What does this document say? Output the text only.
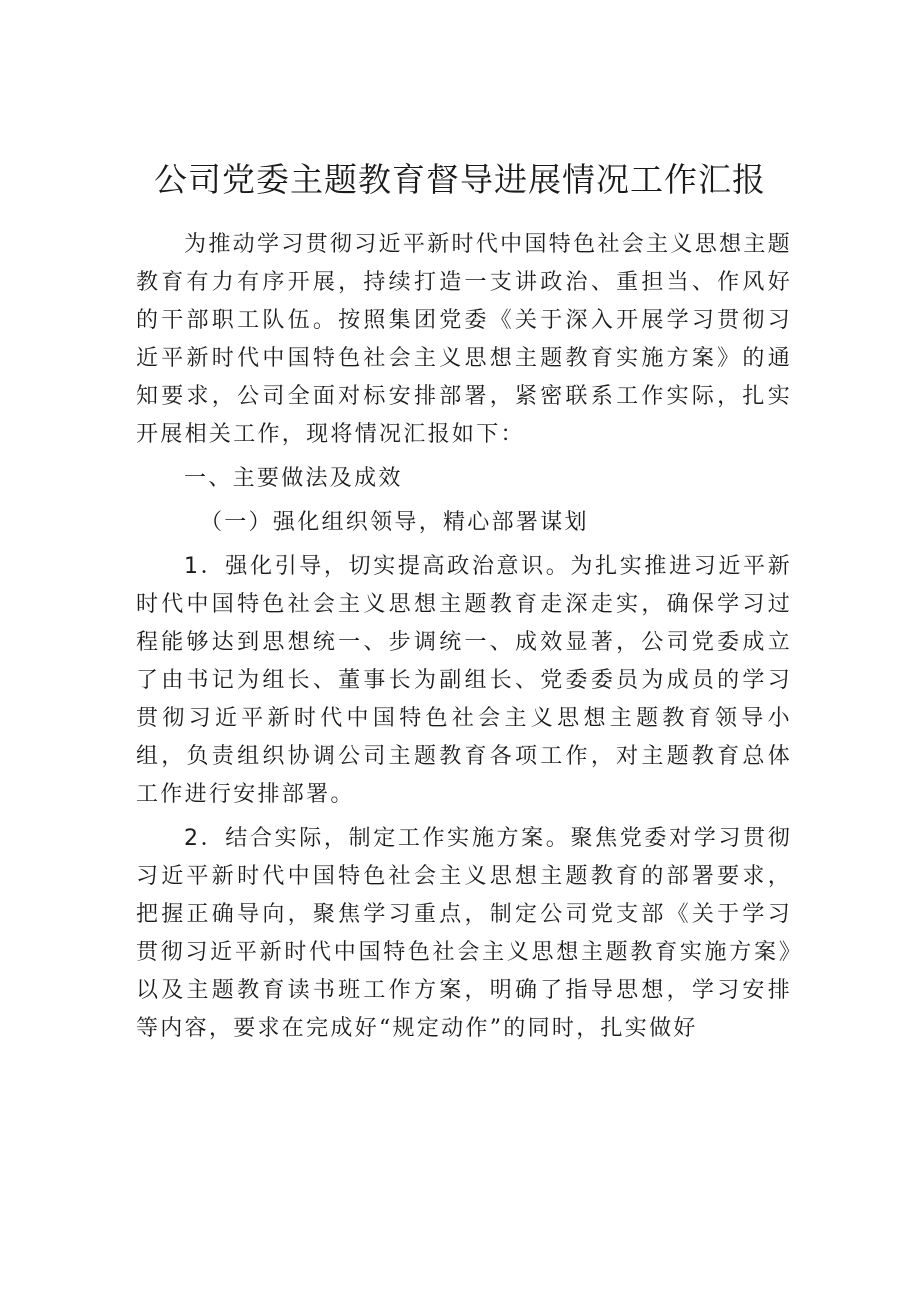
公司党委主题教育督导进展情况工作汇报

为推动学习贯彻习近平新时代中国特色社会主义思想主题教育有力有序开展，持续打造一支讲政治、重担当、作风好的干部职工队伍。按照集团党委《关于深入开展学习贯彻习近平新时代中国特色社会主义思想主题教育实施方案》的通知要求，公司全面对标安排部署，紧密联系工作实际，扎实开展相关工作，现将情况汇报如下：

一、主要做法及成效

（一）强化组织领导，精心部署谋划

1．强化引导，切实提高政治意识。为扎实推进习近平新时代中国特色社会主义思想主题教育走深走实，确保学习过程能够达到思想统一、步调统一、成效显著，公司党委成立了由书记为组长、董事长为副组长、党委委员为成员的学习贯彻习近平新时代中国特色社会主义思想主题教育领导小组，负责组织协调公司主题教育各项工作，对主题教育总体工作进行安排部署。

2．结合实际，制定工作实施方案。聚焦党委对学习贯彻习近平新时代中国特色社会主义思想主题教育的部署要求，把握正确导向，聚焦学习重点，制定公司党支部《关于学习贯彻习近平新时代中国特色社会主义思想主题教育实施方案》以及主题教育读书班工作方案，明确了指导思想，学习安排等内容，要求在完成好“规定动作”的同时，扎实做好
